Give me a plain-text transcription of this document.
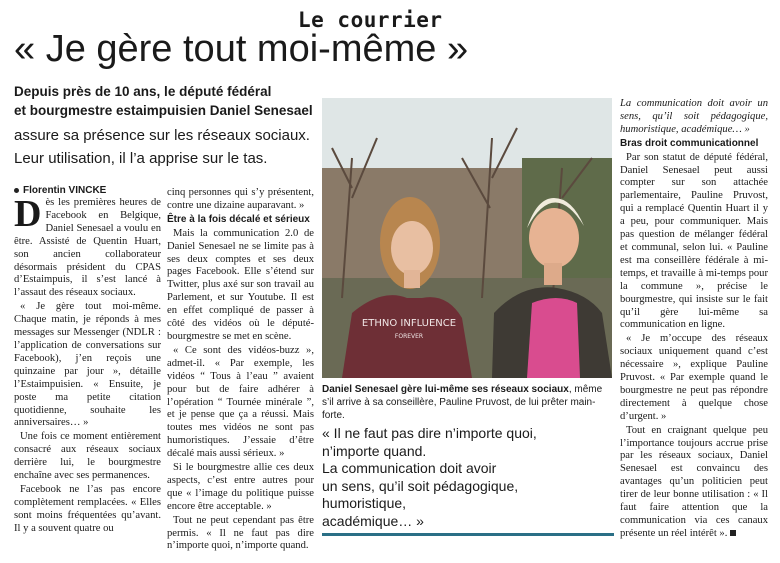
Le courrier
« Je gère tout moi-même »
Depuis près de 10 ans, le député fédéral
et bourgmestre estaimpuisien Daniel Senesael
assure sa présence sur les réseaux sociaux.
Leur utilisation, il l’a apprise sur le tas.
Florentin VINCKE

Dès les premières heures de Facebook en Belgique, Daniel Senesael a voulu en être. Assisté de Quentin Huart, son ancien collaborateur désormais président du CPAS d’Estaimpuis, il s’est lancé à l’assaut des réseaux sociaux.

« Je gère tout moi-même. Chaque matin, je réponds à mes messages sur Messenger (NDLR : l’application de conversations sur Facebook), j’en reçois une quinzaine par jour », détaille l’Estaimpuisien. « Ensuite, je poste ma petite citation quotidienne, souhaite les anniversaires… »

Une fois ce moment entièrement consacré aux réseaux sociaux derrière lui, le bourgmestre enchaîne avec ses permanences.

Facebook ne l’as pas encore complètement remplacées. « Elles sont moins fréquentées qu’avant. Il y a souvent quatre ou

cinq personnes qui s’y présentent, contre une dizaine auparavant. »

Être à la fois décalé et sérieux

Mais la communication 2.0 de Daniel Senesael ne se limite pas à ses deux comptes et ses deux pages Facebook. Elle s’étend sur Twitter, plus axé sur son travail au Parlement, et sur Youtube. Il est en effet compliqué de passer à côté des vidéos où le député-bourgmestre se met en scène.

« Ce sont des vidéos-buzz », admet-il. « Par exemple, les vidéos “ Tous à l’eau ” avaient pour but de faire adhérer à l’opération “ Tournée minérale ”, et je pense que ça a réussi. Mais toutes mes vidéos ne sont pas humoristiques. J’essaie d’être décalé mais aussi sérieux. »

Si le bourgmestre allie ces deux aspects, c’est entre autres pour que « l’image du politique puisse encore être acceptable. »

Tout ne peut cependant pas être permis. « Il ne faut pas dire n’importe quoi, n’importe quand.

ETHNO INFLUENCE
FOREVER
Daniel Senesael gère lui-même ses réseaux sociaux, même s’il arrive à sa conseillère, Pauline Pruvost, de lui prêter main-forte.
« Il ne faut pas dire n’importe quoi,
n’importe quand.
La communication doit avoir
un sens, qu’il soit pédagogique,
humoristique,
académique… »

La communication doit avoir un sens, qu’il soit pédagogique, humoristique, académique… »

Bras droit communicationnel

Par son statut de député fédéral, Daniel Senesael peut aussi compter sur son attachée parlementaire, Pauline Pruvost, qui a remplacé Quentin Huart il y a peu, pour communiquer. Mais pas question de mélanger fédéral et communal, selon lui. « Pauline est ma conseillère fédérale à mi-temps, et travaille à mi-temps pour la commune », précise le bourgmestre, qui insiste sur le fait qu’il gère lui-même sa communication en ligne.

« Je m’occupe des réseaux sociaux uniquement quand c’est nécessaire », explique Pauline Pruvost. « Par exemple quand le bourgmestre ne peut pas répondre directement à quelque chose d’urgent. »

Tout en craignant quelque peu l’importance toujours accrue prise par les réseaux sociaux, Daniel Senesael est convaincu des avantages qu’un politicien peut tirer de leur bonne utilisation : « Il faut faire attention que la communication via ces canaux présente un réel intérêt ».
